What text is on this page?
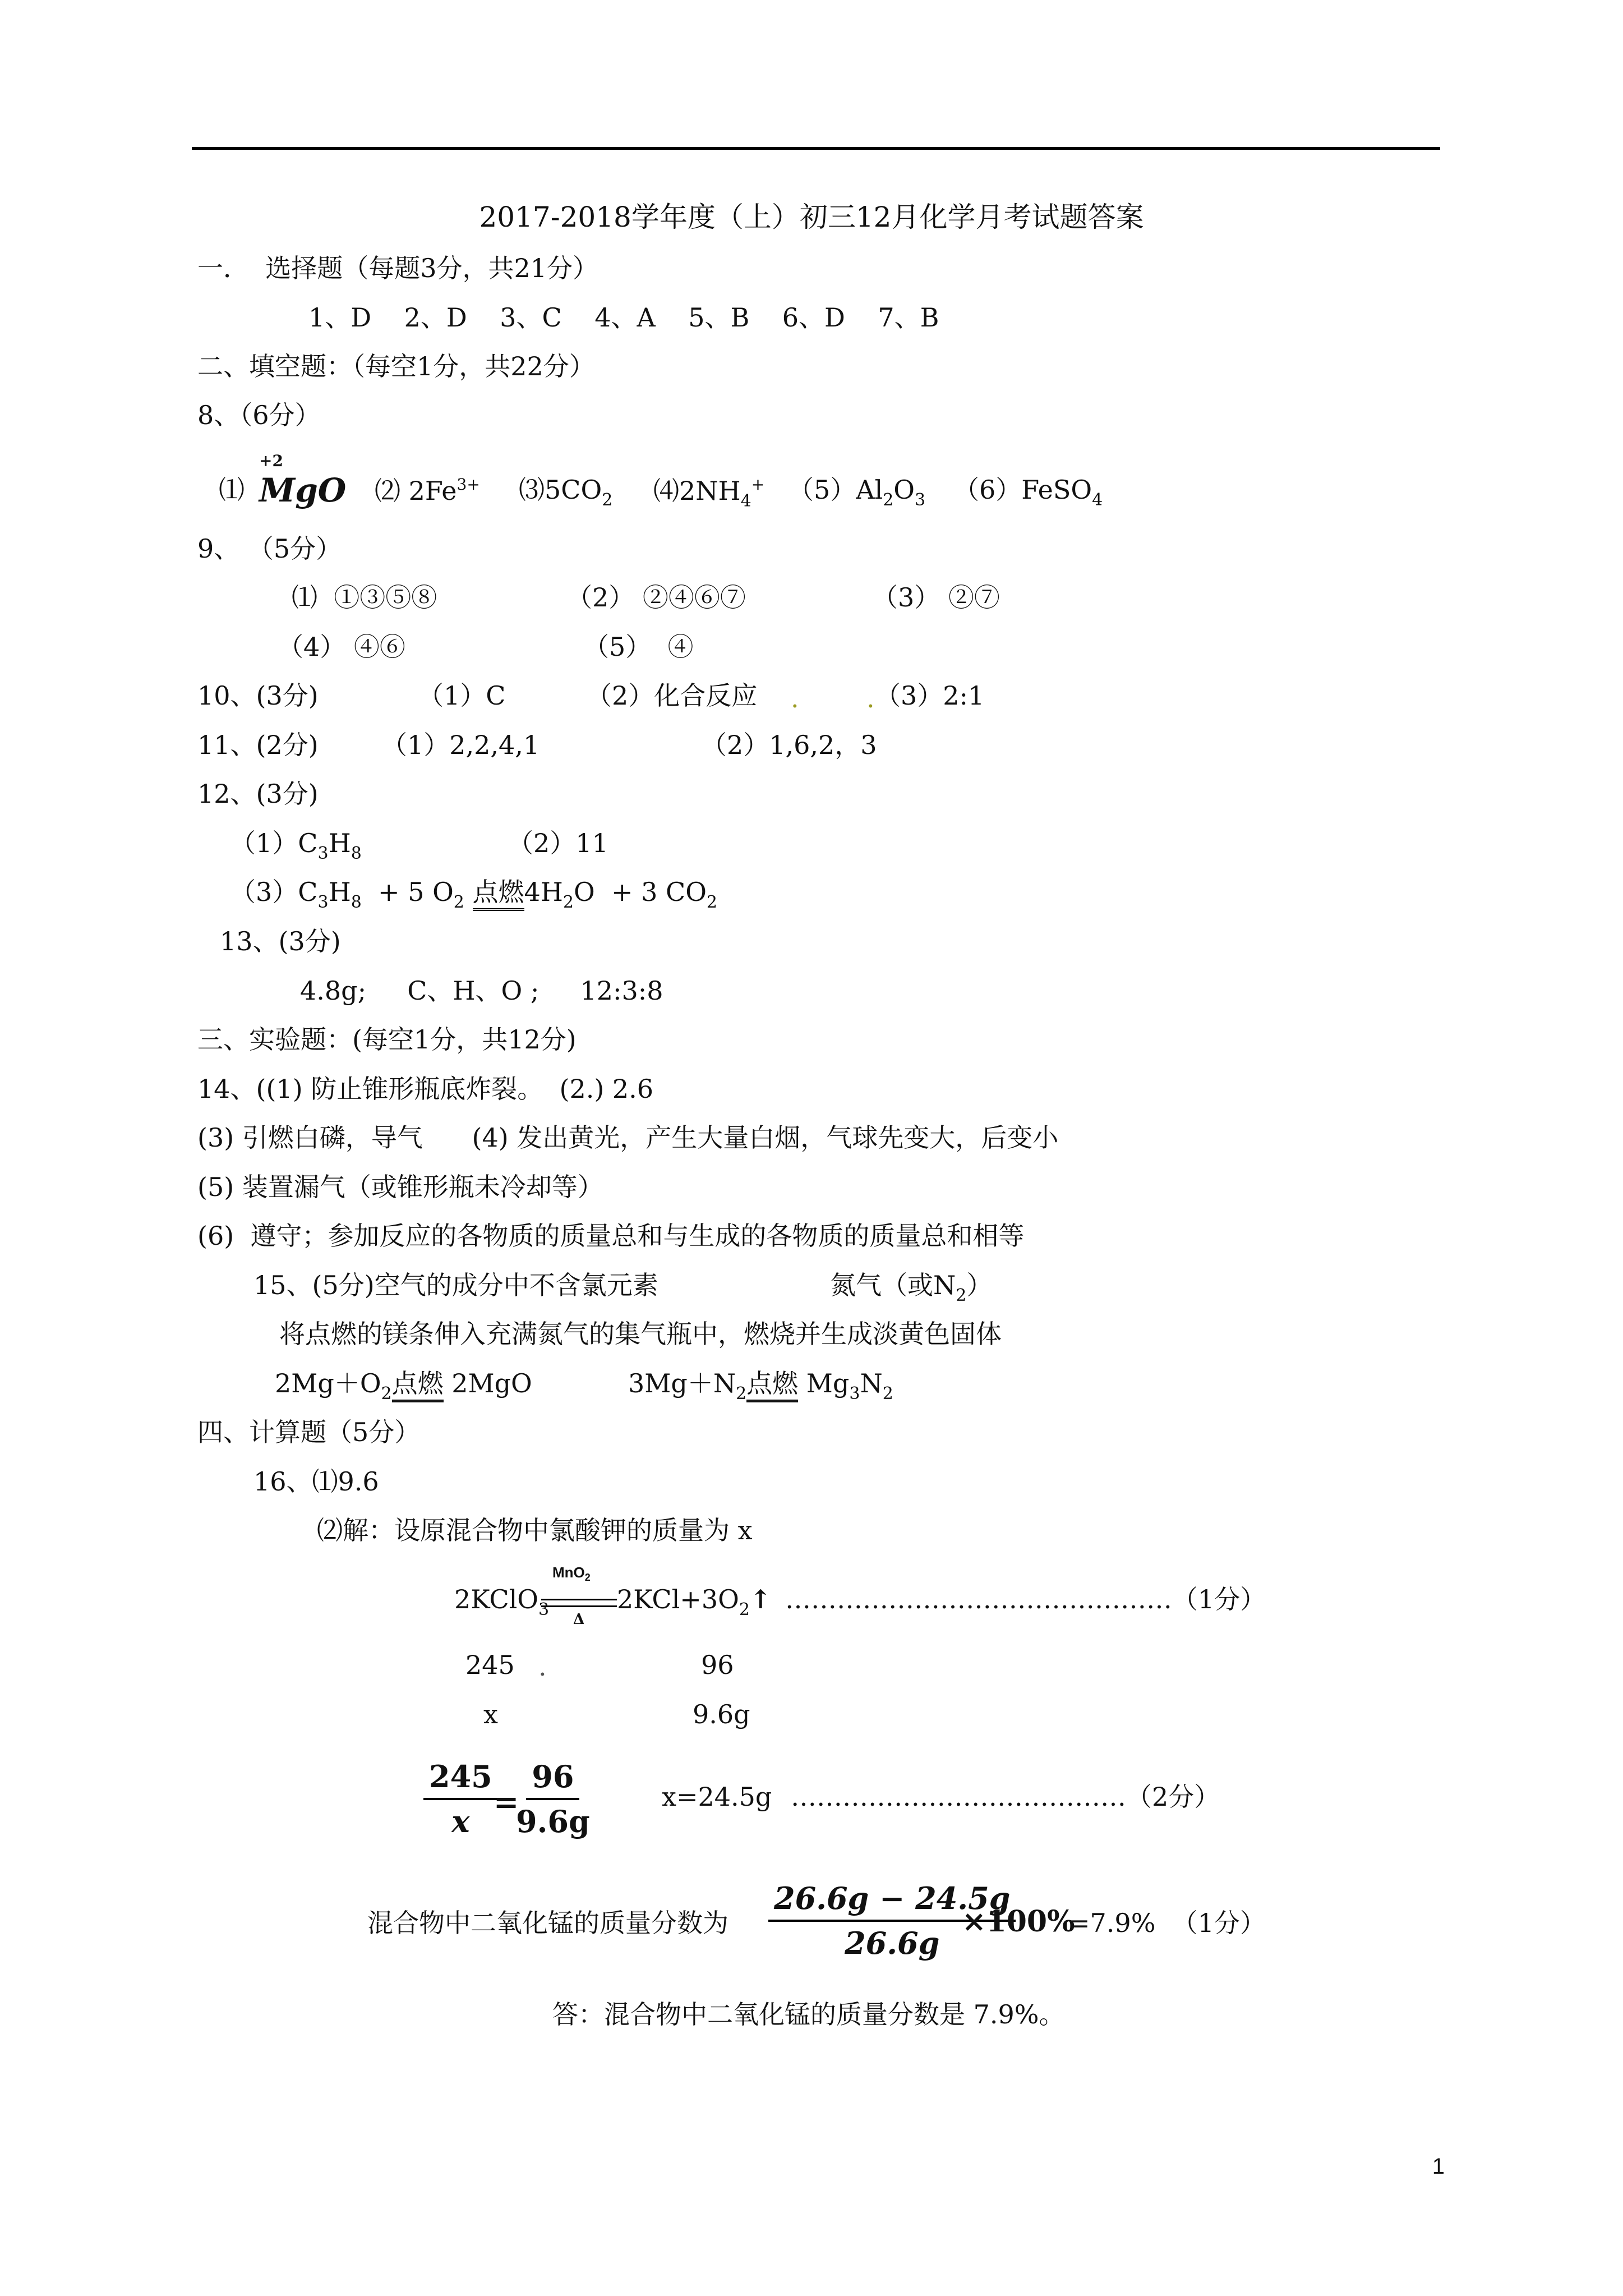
2017-2018学年度（上）初三12月化学月考试题答案
一．  选择题（每题3分，共21分）
1、D    2、D    3、C    4、A    5、B    6、D    7、B
二、填空题：（每空1分，共22分）
8、（6分）
⑴
+2
MgO ⑵ $2Fe^{3+}$ $⑶5CO_2$ $⑷2NH_4^+$ $(5)Al_2O_3$ （6）FeSO$_4$
9、 （5分）
⑴  ①③⑤⑧	（2） ②④⑥⑦	（3） ②⑦
（4） ④⑥	（5）  ④
10、(3分)	（1）C	（2）化合反应 .	. （3）2:1
11、(2分) （1）2,2,4,1	（2）1,6,2，3
12、(3分)
$(1)C_3H_8$	（2）11
$(3)C_3H_8 + 5$ $O_2$ 点燃$4H_2O + 3$ $CO_2$
13、(3分)
4.8g;     C、H、O ;     12:3:8
三、实验题：(每空1分，共12分)
14、((1) 防止锥形瓶底炸裂。  (2.) 2.6
(3) 引燃白磷，导气      (4) 发出黄光，产生大量白烟，气球先变大，后变小
(5) 装置漏气（或锥形瓶未冷却等）
(6)  遵守；参加反应的各物质的质量总和与生成的各物质的质量总和相等
15、(5分)空气的成分中不含氯元素	氮气（或$N_2$）
将点燃的镁条伸入充满氮气的集气瓶中，燃烧并生成淡黄色固体
$2Mg+O_2$点燃 2MgO	$3Mg+N_2$点燃 $Mg_3N_2$
四、计算题（5分）
16、⑴9.6
⑵解：设原混合物中氯酸钾的质量为 x
2KClO$_3$
MnO$_2$
Δ
$2KCl+3O_2↑$ ………………………………………（1分）
245 .	96
x	9.6g
$\frac{245}{x}$
=
$\frac{96}{9.6g}$	x=24.5g …………………………………（2分）
混合物中二氧化锰的质量分数为 $\frac{26.6g - 24.5g}{26.6g}$
×100%
=7.9%  （1分）
答：混合物中二氧化锰的质量分数是 7.9%。
1
